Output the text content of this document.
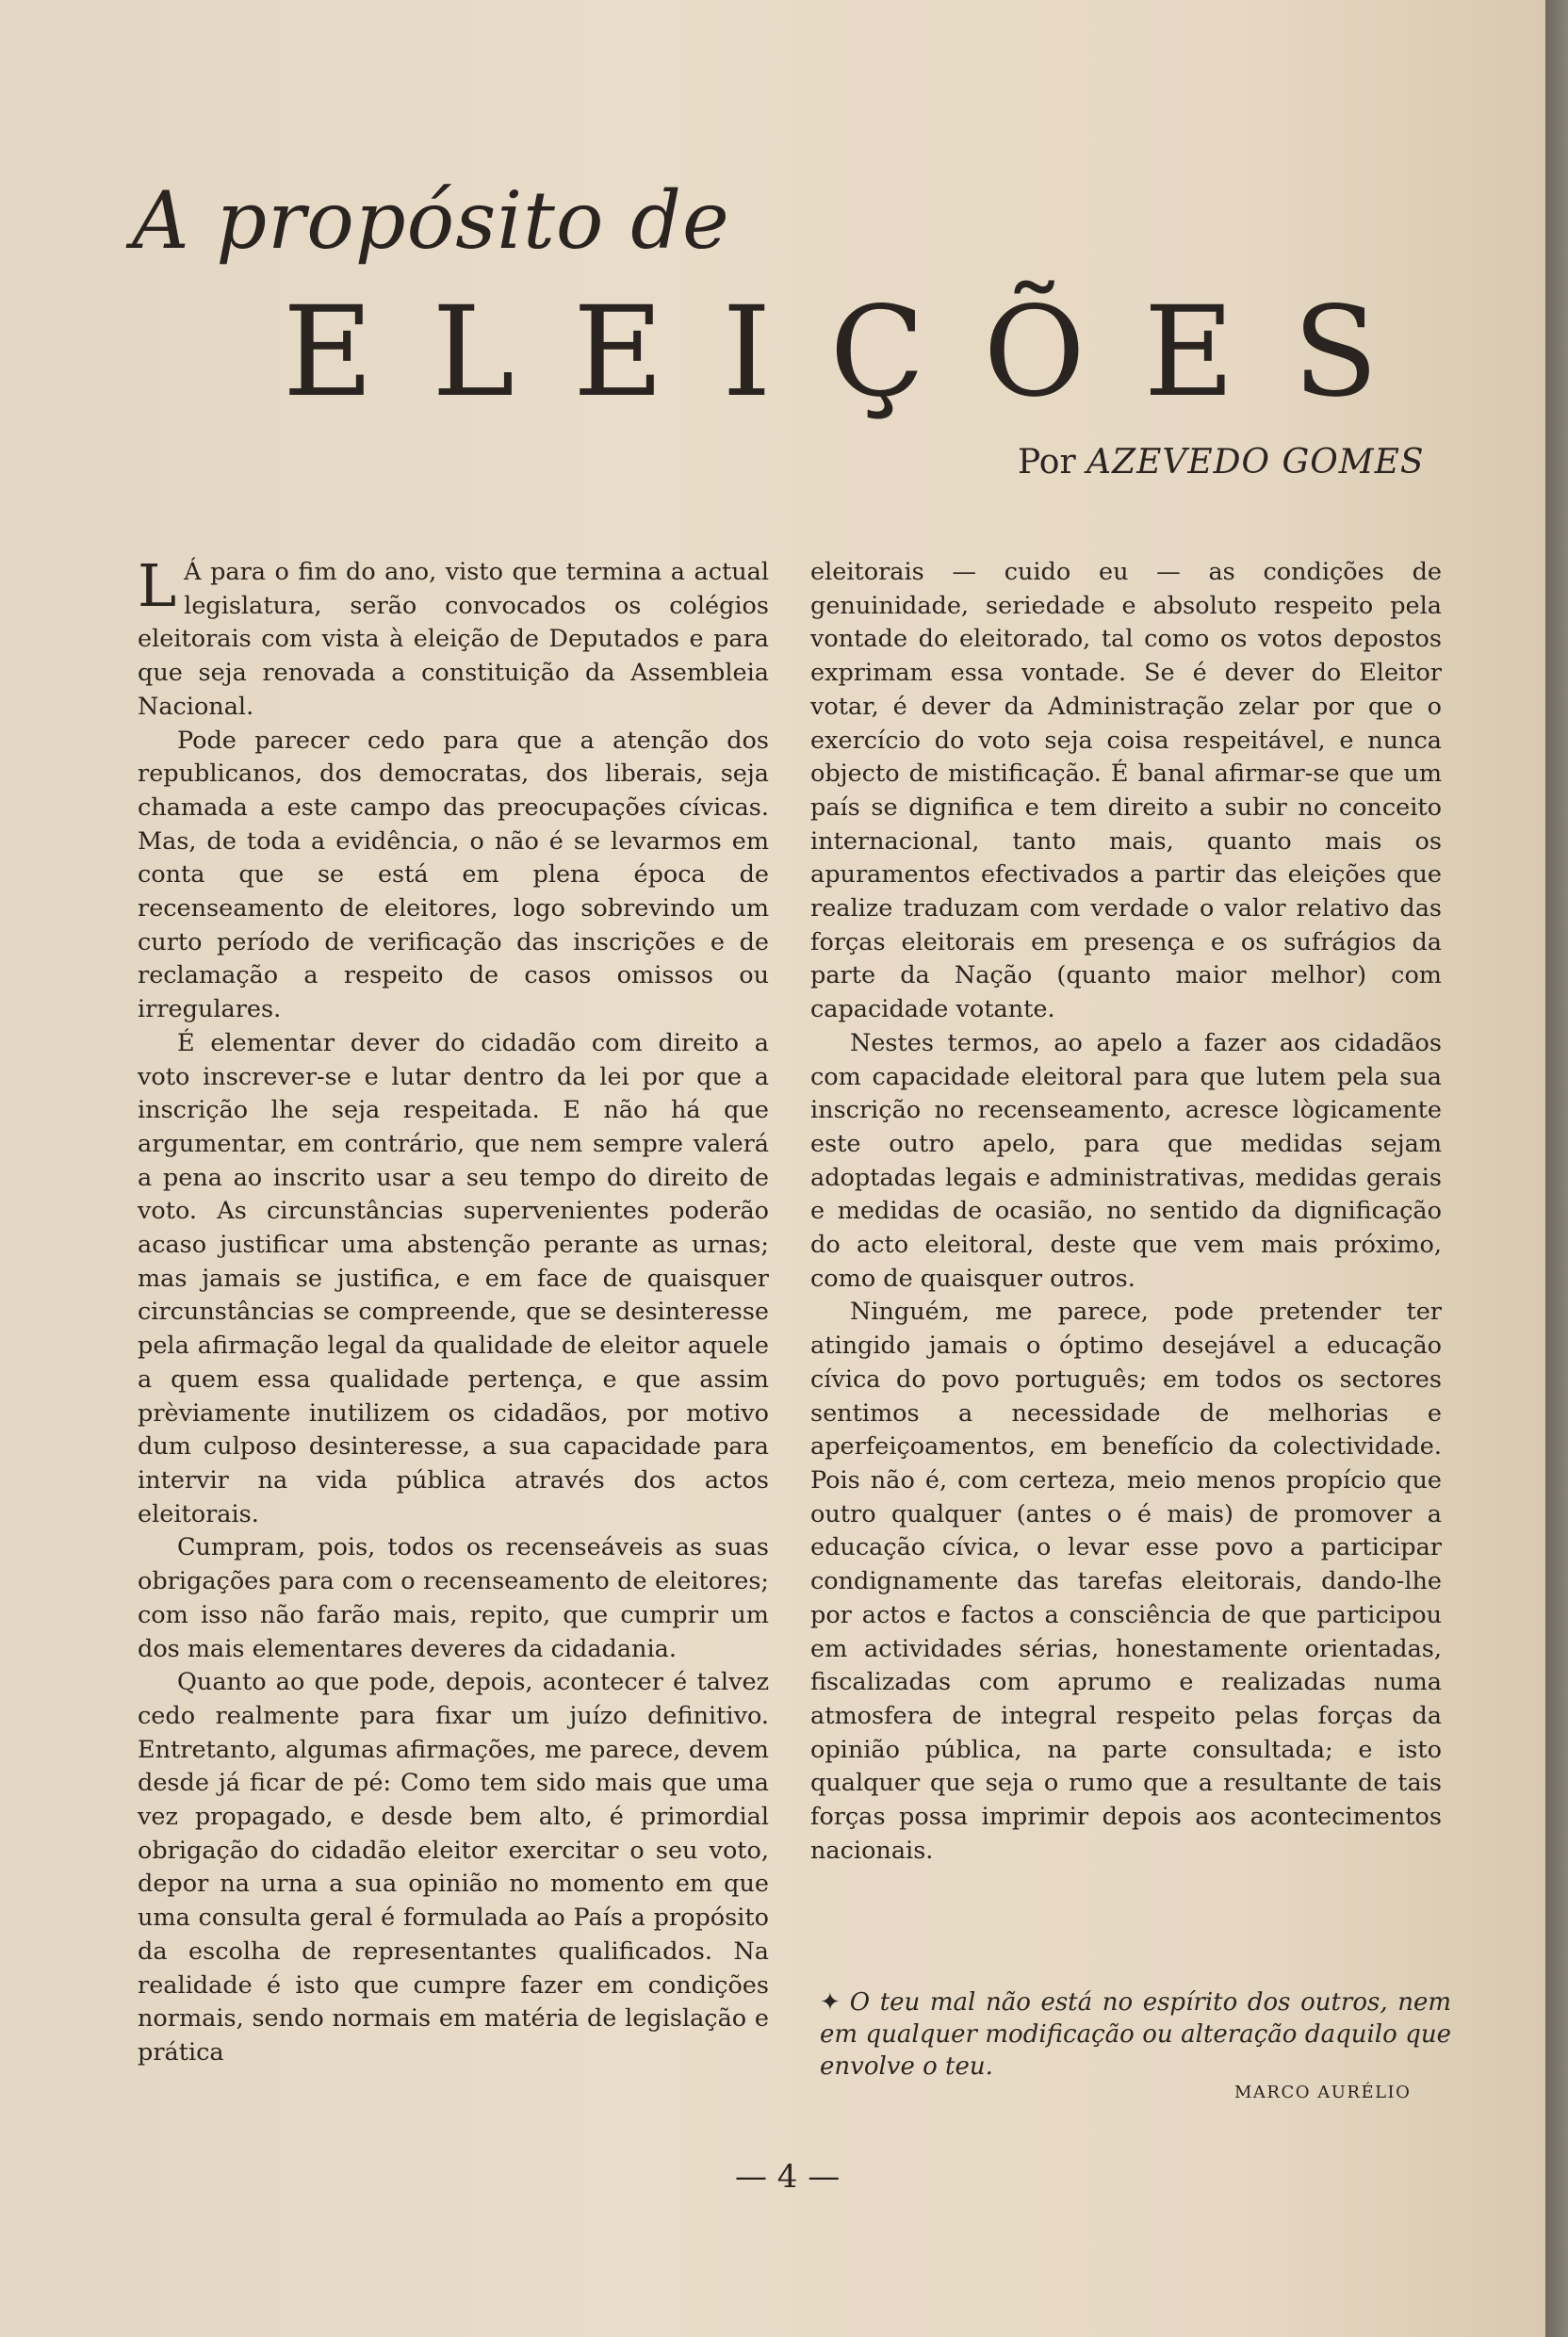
A propósito de
ELEIÇÕES
Por AZEVEDO GOMES

L Á para o fim do ano, visto que termina a actual legislatura, serão convocados os colégios eleitorais com vista à eleição de Deputados e para que seja renovada a constituição da Assembleia Nacional.

Pode parecer cedo para que a atenção dos republicanos, dos democratas, dos liberais, seja chamada a este campo das preocupações cívicas. Mas, de toda a evidência, o não é se levarmos em conta que se está em plena época de recenseamento de eleitores, logo sobrevindo um curto período de verificação das inscrições e de reclamação a respeito de casos omissos ou irregulares.

É elementar dever do cidadão com direito a voto inscrever-se e lutar dentro da lei por que a inscrição lhe seja respeitada. E não há que argumentar, em contrário, que nem sempre valerá a pena ao inscrito usar a seu tempo do direito de voto. As circunstâncias supervenientes poderão acaso justificar uma abstenção perante as urnas; mas jamais se justifica, e em face de quaisquer circunstâncias se compreende, que se desinteresse pela afirmação legal da qualidade de eleitor aquele a quem essa qualidade pertença, e que assim prèviamente inutilizem os cidadãos, por motivo dum culposo desinteresse, a sua capacidade para intervir na vida pública através dos actos eleitorais.

Cumpram, pois, todos os recenseáveis as suas obrigações para com o recenseamento de eleitores; com isso não farão mais, repito, que cumprir um dos mais elementares deveres da cidadania.

Quanto ao que pode, depois, acontecer é talvez cedo realmente para fixar um juízo definitivo. Entretanto, algumas afirmações, me parece, devem desde já ficar de pé: Como tem sido mais que uma vez propagado, e desde bem alto, é primordial obrigação do cidadão eleitor exercitar o seu voto, depor na urna a sua opinião no momento em que uma consulta geral é formulada ao País a propósito da escolha de representantes qualificados. Na realidade é isto que cumpre fazer em condições normais, sendo normais em matéria de legislação e prática

eleitorais — cuido eu — as condições de genuinidade, seriedade e absoluto respeito pela vontade do eleitorado, tal como os votos depostos exprimam essa vontade. Se é dever do Eleitor votar, é dever da Administração zelar por que o exercício do voto seja coisa respeitável, e nunca objecto de mistificação. É banal afirmar-se que um país se dignifica e tem direito a subir no conceito internacional, tanto mais, quanto mais os apuramentos efectivados a partir das eleições que realize traduzam com verdade o valor relativo das forças eleitorais em presença e os sufrágios da parte da Nação (quanto maior melhor) com capacidade votante.

Nestes termos, ao apelo a fazer aos cidadãos com capacidade eleitoral para que lutem pela sua inscrição no recenseamento, acresce lògicamente este outro apelo, para que medidas sejam adoptadas legais e administrativas, medidas gerais e medidas de ocasião, no sentido da dignificação do acto eleitoral, deste que vem mais próximo, como de quaisquer outros.

Ninguém, me parece, pode pretender ter atingido jamais o óptimo desejável a educação cívica do povo português; em todos os sectores sentimos a necessidade de melhorias e aperfeiçoamentos, em benefício da colectividade. Pois não é, com certeza, meio menos propício que outro qualquer (antes o é mais) de promover a educação cívica, o levar esse povo a participar condignamente das tarefas eleitorais, dando-lhe por actos e factos a consciência de que participou em actividades sérias, honestamente orientadas, fiscalizadas com aprumo e realizadas numa atmosfera de integral respeito pelas forças da opinião pública, na parte consultada; e isto qualquer que seja o rumo que a resultante de tais forças possa imprimir depois aos acontecimentos nacionais.

✦ O teu mal não está no espírito dos outros, nem em qualquer modificação ou alteração daquilo que envolve o teu.
MARCO AURÉLIO
— 4 —
